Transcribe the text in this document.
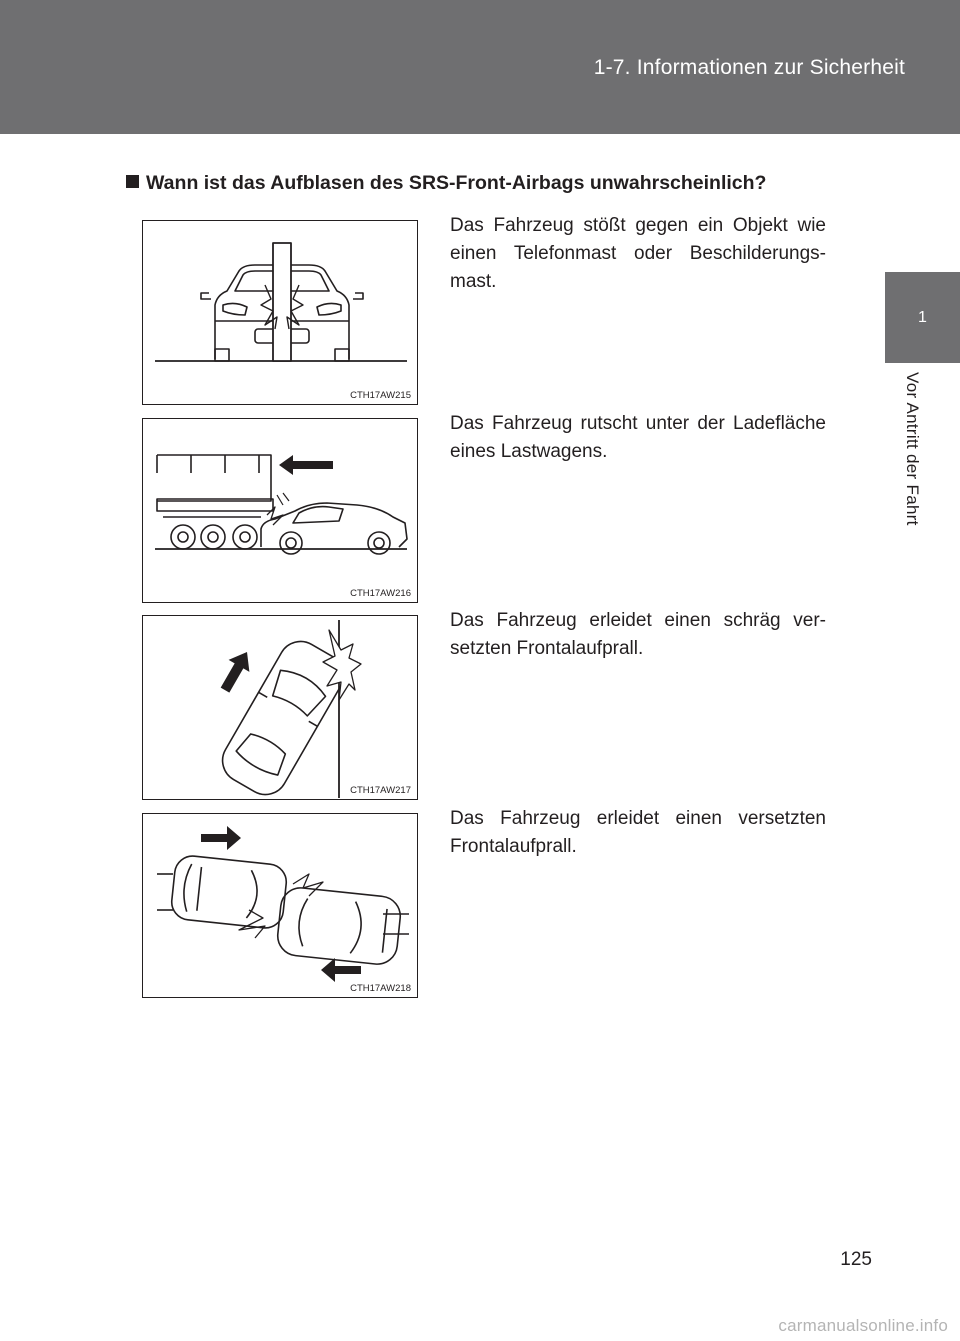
1-7. Informationen zur Sicherheit
1
Vor Antritt der Fahrt
Wann ist das Aufblasen des SRS-Front-Airbags unwahrscheinlich?
CTH17AW215
Das Fahrzeug stößt gegen ein Objekt wie einen Telefonmast oder Beschilderungsmast.
CTH17AW216
Das Fahrzeug rutscht unter der Ladefläche eines Lastwagens.
CTH17AW217
Das Fahrzeug erleidet einen schräg versetzten Frontalaufprall.
CTH17AW218
Das Fahrzeug erleidet einen versetzten Frontalaufprall.
125
carmanualsonline.info
